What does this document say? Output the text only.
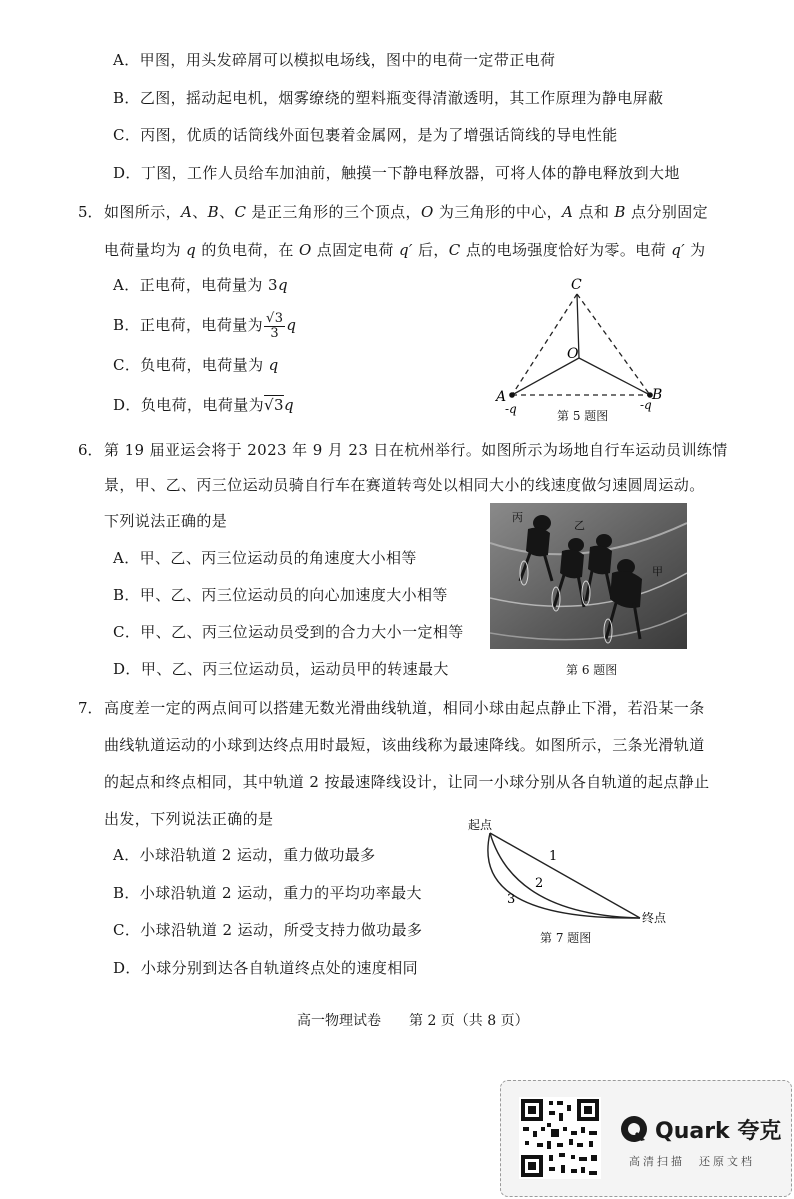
A．甲图，用头发碎屑可以模拟电场线，图中的电荷一定带正电荷
B．乙图，摇动起电机，烟雾缭绕的塑料瓶变得清澈透明，其工作原理为静电屏蔽
C．丙图，优质的话筒线外面包裹着金属网，是为了增强话筒线的导电性能
D．丁图，工作人员给车加油前，触摸一下静电释放器，可将人体的静电释放到大地
5． 如图所示，A、B、C 是正三角形的三个顶点，O 为三角形的中心，A 点和 B 点分别固定
电荷量均为 q 的负电荷，在 O 点固定电荷 q′ 后，C 点的电场强度恰好为零。电荷 q′ 为
A．正电荷，电荷量为 3q
B．正电荷，电荷量为 $\frac{√3}{3}$ q
C．负电荷，电荷量为 q
D．负电荷，电荷量为√3q
C
O
A	B
-q	-q
第 5 题图
6． 第 19 届亚运会将于 2023 年 9 月 23 日在杭州举行。如图所示为场地自行车运动员训练情
景，甲、乙、丙三位运动员骑自行车在赛道转弯处以相同大小的线速度做匀速圆周运动。
下列说法正确的是
A．甲、乙、丙三位运动员的角速度大小相等
B．甲、乙、丙三位运动员的向心加速度大小相等
C．甲、乙、丙三位运动员受到的合力大小一定相等
D．甲、乙、丙三位运动员，运动员甲的转速最大
丙
乙
甲
第 6 题图
7． 高度差一定的两点间可以搭建无数光滑曲线轨道，相同小球由起点静止下滑，若沿某一条
曲线轨道运动的小球到达终点用时最短，该曲线称为最速降线。如图所示，三条光滑轨道
的起点和终点相同，其中轨道 2 按最速降线设计，让同一小球分别从各自轨道的起点静止
出发，下列说法正确的是
A．小球沿轨道 2 运动，重力做功最多
B．小球沿轨道 2 运动，重力的平均功率最大
C．小球沿轨道 2 运动，所受支持力做功最多
D．小球分别到达各自轨道终点处的速度相同
起点
终点
1
2
3
第 7 题图
高一物理试卷　　第 2 页（共 8 页）
Quark 夸克
高清扫描　还原文档
